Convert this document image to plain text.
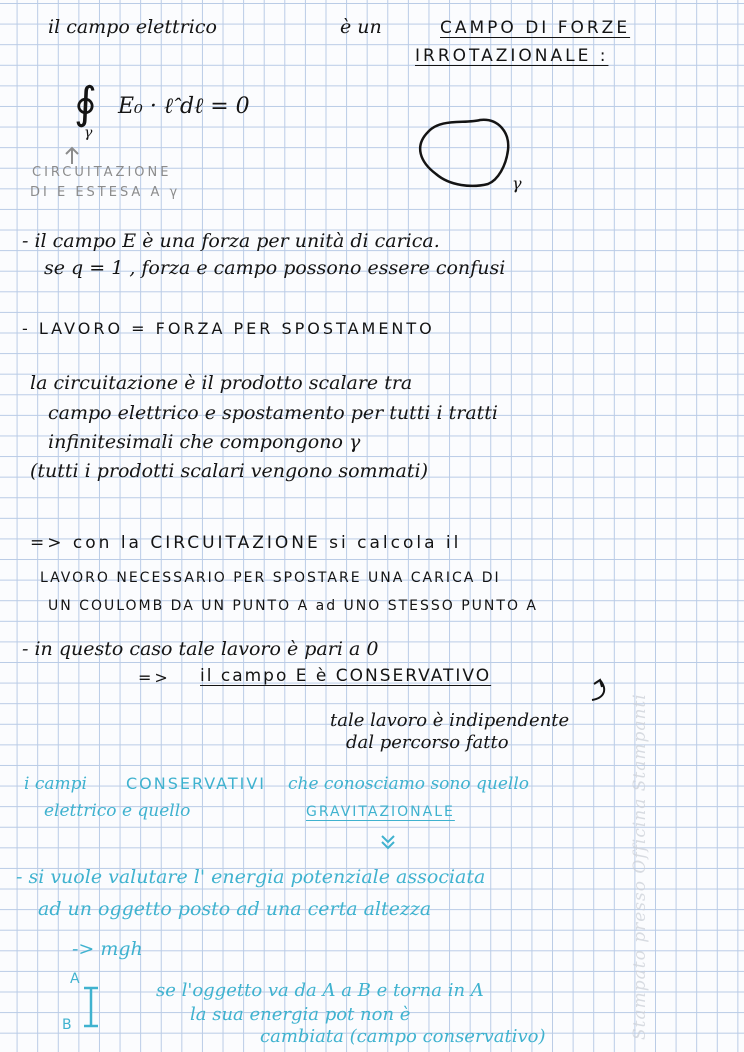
il campo elettrico	è un	CAMPO DI FORZE
IRROTAZIONALE :
∮
γ
E₀ · ℓ̂ dℓ = 0
γ
CIRCUITAZIONE
DI E ESTESA A γ
- il campo E è una forza per unità di carica.
se q = 1 , forza e campo possono essere confusi
- LAVORO = FORZA PER SPOSTAMENTO
la circuitazione è il prodotto scalare tra
campo elettrico e spostamento per tutti i tratti
infinitesimali che compongono γ
(tutti i prodotti scalari vengono sommati)
=> con la CIRCUITAZIONE si calcola il
LAVORO NECESSARIO PER SPOSTARE UNA CARICA DI
UN COULOMB DA UN PUNTO A ad UNO STESSO PUNTO A
- in questo caso tale lavoro è pari a 0
=> il campo E è CONSERVATIVO
tale lavoro è indipendente
dal percorso fatto
i campi CONSERVATIVI che conosciamo sono quello
elettrico e quello	GRAVITAZIONALE
- si vuole valutare l' energia potenziale associata
ad un oggetto posto ad una certa altezza
-> mgh
A
B
se l'oggetto va da A a B e torna in A
la sua energia pot non è
cambiata (campo conservativo)	Stampato presso Officina Stampanti
